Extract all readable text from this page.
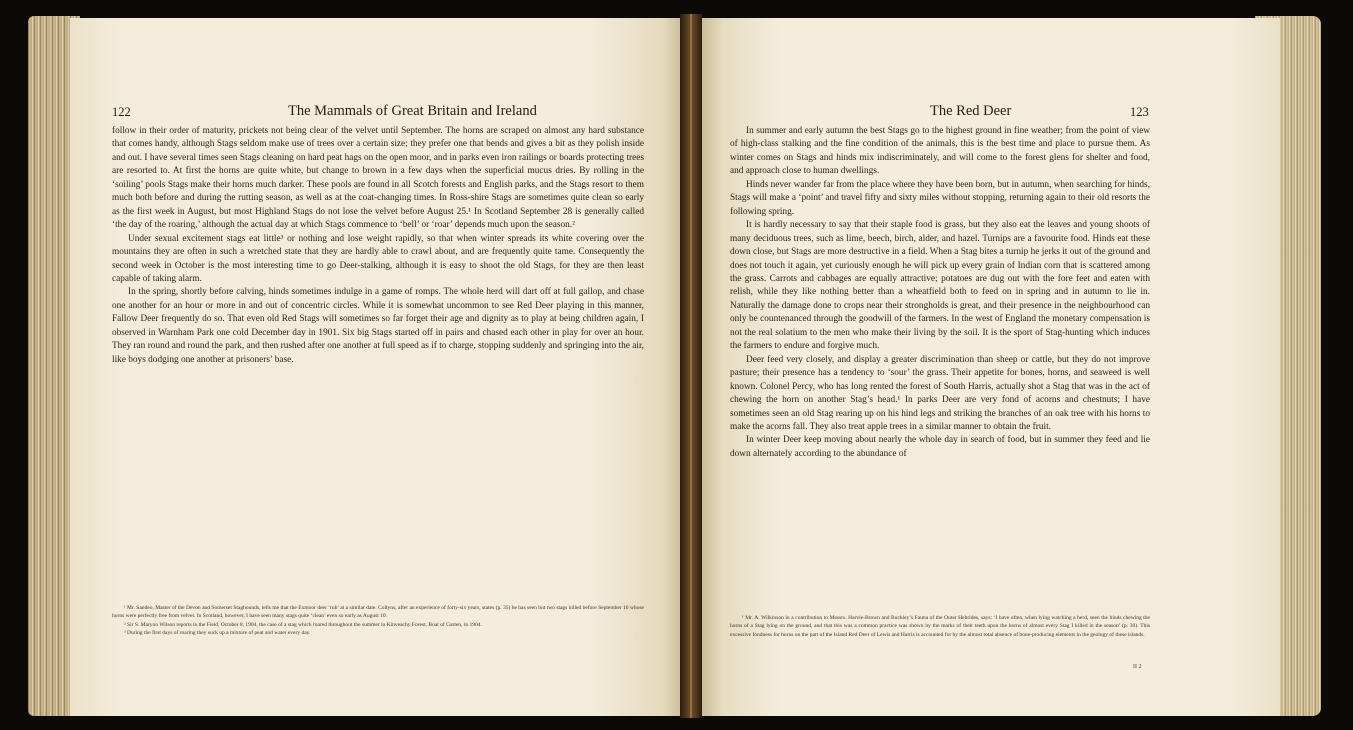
122	The Mammals of Great Britain and Ireland

follow in their order of maturity, prickets not being clear of the velvet until September. The horns are scraped on almost any hard substance that comes handy, although Stags seldom make use of trees over a certain size; they prefer one that bends and gives a bit as they polish inside and out. I have several times seen Stags cleaning on hard peat hags on the open moor, and in parks even iron railings or boards protecting trees are resorted to. At first the horns are quite white, but change to brown in a few days when the superficial mucus dries. By rolling in the ‘soiling’ pools Stags make their horns much darker. These pools are found in all Scotch forests and English parks, and the Stags resort to them much both before and during the rutting season, as well as at the coat-changing times. In Ross-shire Stags are sometimes quite clean so early as the first week in August, but most Highland Stags do not lose the velvet before August 25.¹ In Scotland September 28 is generally called ‘the day of the roaring,’ although the actual day at which Stags commence to ‘bell’ or ‘roar’ depends much upon the season.²

Under sexual excitement stags eat little³ or nothing and lose weight rapidly, so that when winter spreads its white covering over the mountains they are often in such a wretched state that they are hardly able to crawl about, and are frequently quite tame. Consequently the second week in October is the most interesting time to go Deer-stalking, although it is easy to shoot the old Stags, for they are then least capable of taking alarm.

In the spring, shortly before calving, hinds sometimes indulge in a game of romps. The whole herd will dart off at full gallop, and chase one another for an hour or more in and out of concentric circles. While it is somewhat uncommon to see Red Deer playing in this manner, Fallow Deer frequently do so. That even old Red Stags will sometimes so far forget their age and dignity as to play at being children again, I observed in Warnham Park one cold December day in 1901. Six big Stags started off in pairs and chased each other in play for over an hour. They ran round and round the park, and then rushed after one another at full speed as if to charge, stopping suddenly and springing into the air, like boys dodging one another at prisoners’ base.

¹ Mr. Sandeo, Master of the Devon and Somerset Staghounds, tells me that the Exmoor deer ‘rub’ at a similar date. Collyns, after an experience of forty-six years, states (p. 35) he has seen but two stags killed before September 10 whose horns were perfectly free from velvet. In Scotland, however, I have seen many stags quite ‘clean’ even so early as August 10.

² Sir S. Maryon Wilson reports in the Field, October 8, 1904, the case of a stag which roared throughout the summer in Kinveachy Forest, Boat of Garten, in 1904.

³ During the first days of roaring they suck up a mixture of peat and water every day.

The Red Deer	123

In summer and early autumn the best Stags go to the highest ground in fine weather; from the point of view of high-class stalking and the fine condition of the animals, this is the best time and place to pursue them. As winter comes on Stags and hinds mix indiscriminately, and will come to the forest glens for shelter and food, and approach close to human dwellings.

Hinds never wander far from the place where they have been born, but in autumn, when searching for hinds, Stags will make a ‘point’ and travel fifty and sixty miles without stopping, returning again to their old resorts the following spring.

It is hardly necessary to say that their staple food is grass, but they also eat the leaves and young shoots of many deciduous trees, such as lime, beech, birch, alder, and hazel. Turnips are a favourite food. Hinds eat these down close, but Stags are more destructive in a field. When a Stag bites a turnip he jerks it out of the ground and does not touch it again, yet curiously enough he will pick up every grain of Indian corn that is scattered among the grass. Carrots and cabbages are equally attractive; potatoes are dug out with the fore feet and eaten with relish, while they like nothing better than a wheatfield both to feed on in spring and in autumn to lie in. Naturally the damage done to crops near their strongholds is great, and their presence in the neighbourhood can only be countenanced through the goodwill of the farmers. In the west of England the monetary compensation is not the real solatium to the men who make their living by the soil. It is the sport of Stag-hunting which induces the farmers to endure and forgive much.

Deer feed very closely, and display a greater discrimination than sheep or cattle, but they do not improve pasture; their presence has a tendency to ‘sour’ the grass. Their appetite for bones, horns, and seaweed is well known. Colonel Percy, who has long rented the forest of South Harris, actually shot a Stag that was in the act of chewing the horn on another Stag’s head.¹ In parks Deer are very fond of acorns and chestnuts; I have sometimes seen an old Stag rearing up on his hind legs and striking the branches of an oak tree with his horns to make the acorns fall. They also treat apple trees in a similar manner to obtain the fruit.

In winter Deer keep moving about nearly the whole day in search of food, but in summer they feed and lie down alternately according to the abundance of

¹ Mr. A. Wilkinson in a contribution to Messrs. Harvie-Brown and Buckley’s Fauna of the Outer Hebrides, says: ‘I have often, when lying watching a herd, seen the hinds chewing the horns of a Stag lying on the ground, and that this was a common practice was shown by the marks of their teeth upon the horns of almost every Stag I killed in the season’ (p. 30). This excessive fondness for horns on the part of the Island Red Deer of Lewis and Harris is accounted for by the almost total absence of bone-producing elements in the geology of these islands.

II 2
